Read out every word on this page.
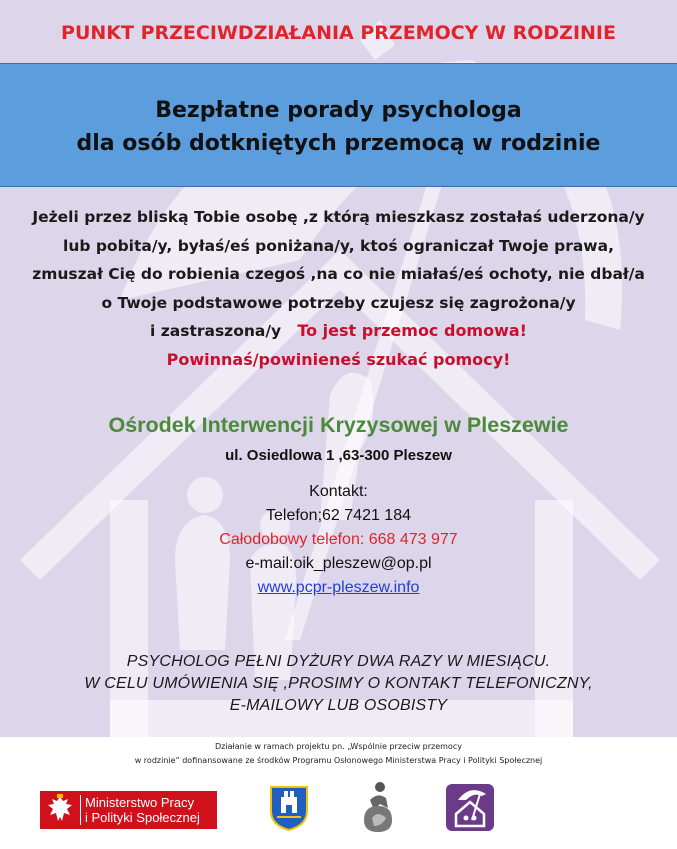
PUNKT PRZECIWDZIAŁANIA PRZEMOCY W RODZINIE
Bezpłatne porady psychologa
dla osób dotkniętych przemocą w rodzinie
Jeżeli przez bliską Tobie osobę ,z którą mieszkasz zostałaś uderzona/y
lub pobita/y, byłaś/eś poniżana/y, ktoś ograniczał Twoje prawa,
zmuszał Cię do robienia czegoś ,na co nie miałaś/eś ochoty, nie dbał/a
o Twoje podstawowe potrzeby czujesz się zagrożona/y
i zastraszona/y To jest przemoc domowa!
Powinnaś/powinieneś szukać pomocy!
Ośrodek Interwencji Kryzysowej w Pleszewie
ul. Osiedlowa 1 ,63-300 Pleszew
Kontakt:
Telefon;62 7421 184
Całodobowy telefon: 668 473 977
e-mail:oik_pleszew@op.pl
www.pcpr-pleszew.info
PSYCHOLOG PEŁNI DYŻURY DWA RAZY W MIESIĄCU.
W CELU UMÓWIENIA SIĘ ,PROSIMY O KONTAKT TELEFONICZNY,
E-MAILOWY LUB OSOBISTY
Działanie w ramach projektu pn. „Wspólnie przeciw przemocy
w rodzinie” dofinansowane ze środków Programu Osłonowego Ministerstwa Pracy i Polityki Społecznej
Ministerstwo Pracy
i Polityki Społecznej
